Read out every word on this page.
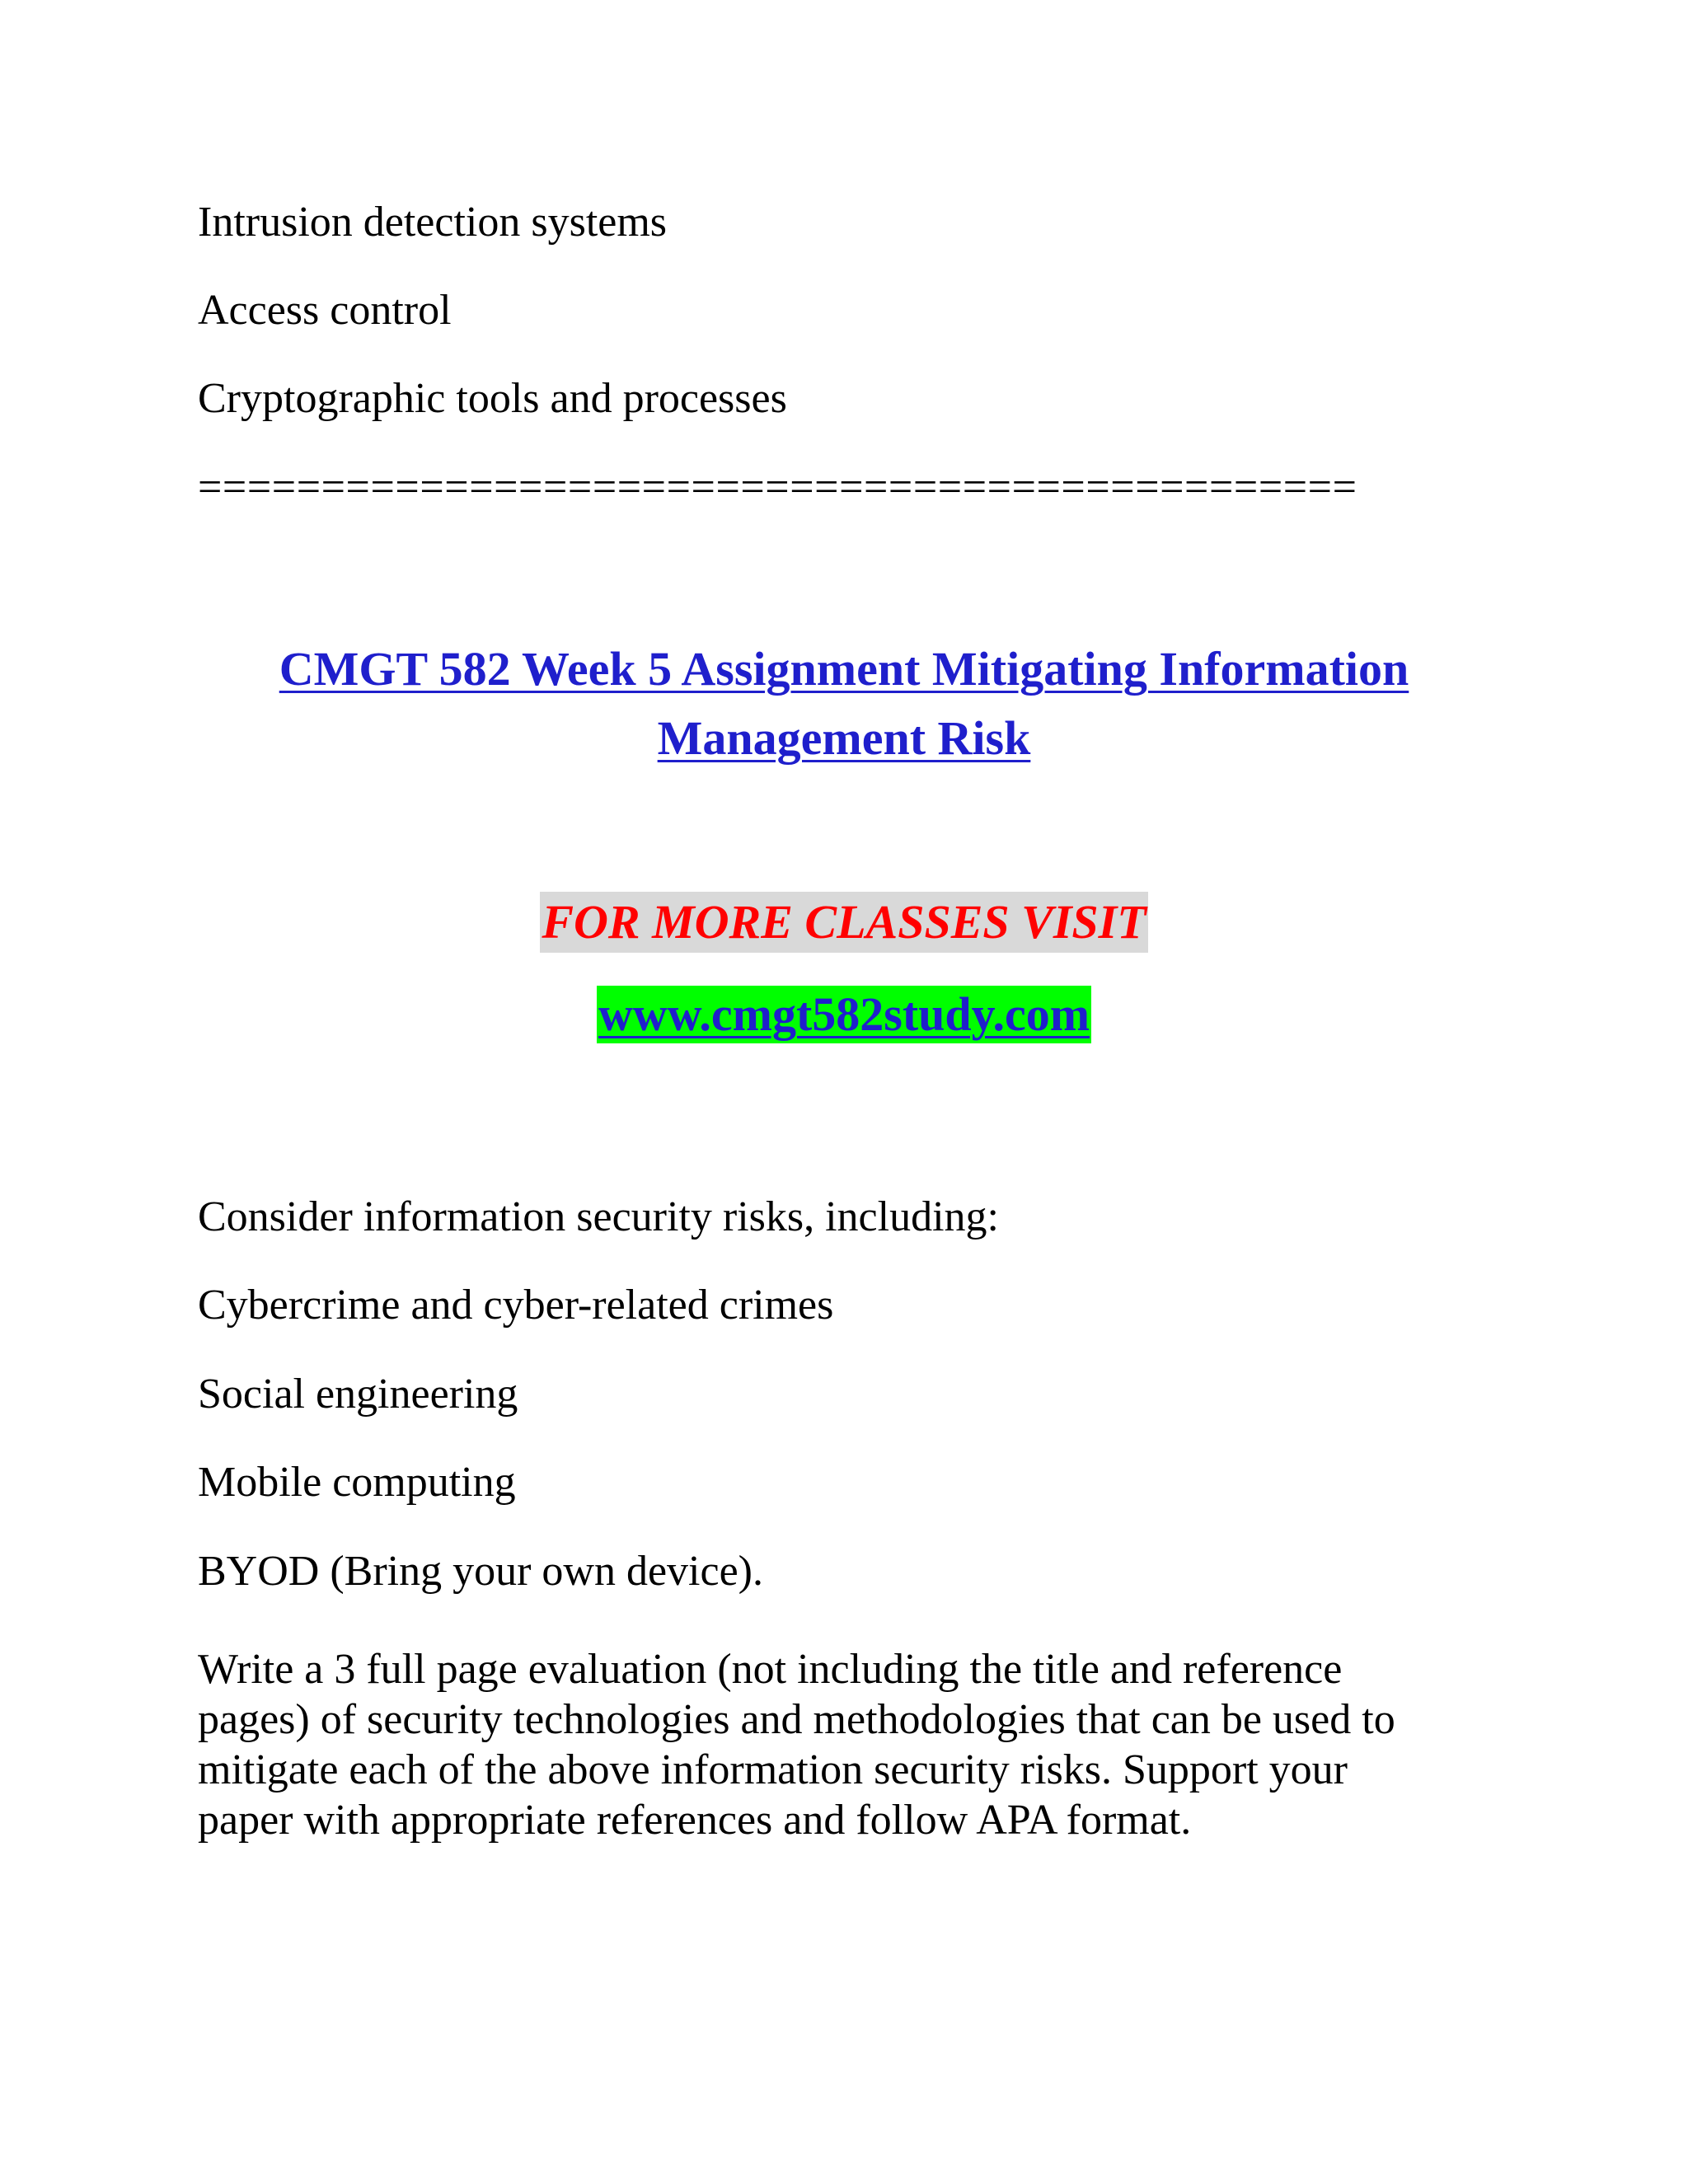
Intrusion detection systems
Access control
Cryptographic tools and processes
===============================================
CMGT 582 Week 5 Assignment Mitigating Information
Management Risk
FOR MORE CLASSES VISIT
www.cmgt582study.com
Consider information security risks, including:
Cybercrime and cyber-related crimes
Social engineering
Mobile computing
BYOD (Bring your own device).
Write a 3 full page evaluation (not including the title and reference
pages) of security technologies and methodologies that can be used to
mitigate each of the above information security risks. Support your
paper with appropriate references and follow APA format.
